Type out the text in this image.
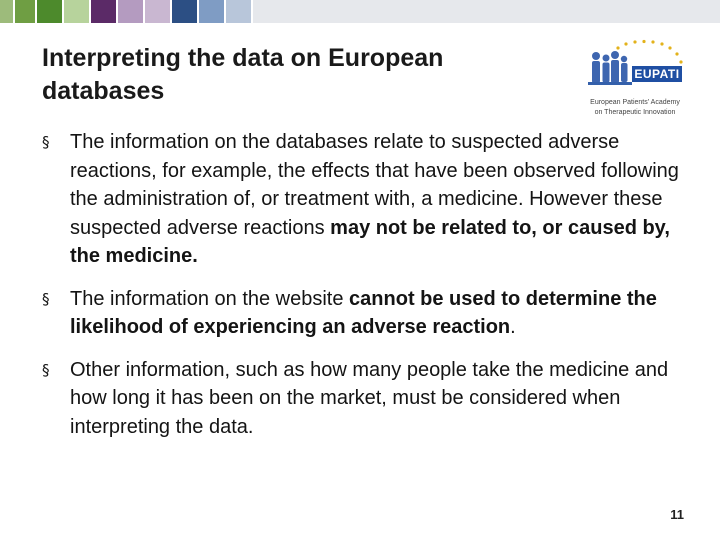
Interpreting the data on European
databases
EUPATI
European Patients' Academy
on Therapeutic Innovation
§ The information on the databases relate to suspected adverse reactions, for example, the effects that have been observed following the administration of, or treatment with, a medicine. However these suspected adverse reactions may not be related to, or caused by, the medicine.
§ The information on the website cannot be used to determine the likelihood of experiencing an adverse reaction.
§ Other information, such as how many people take the medicine and how long it has been on the market, must be considered when interpreting the data.
11
